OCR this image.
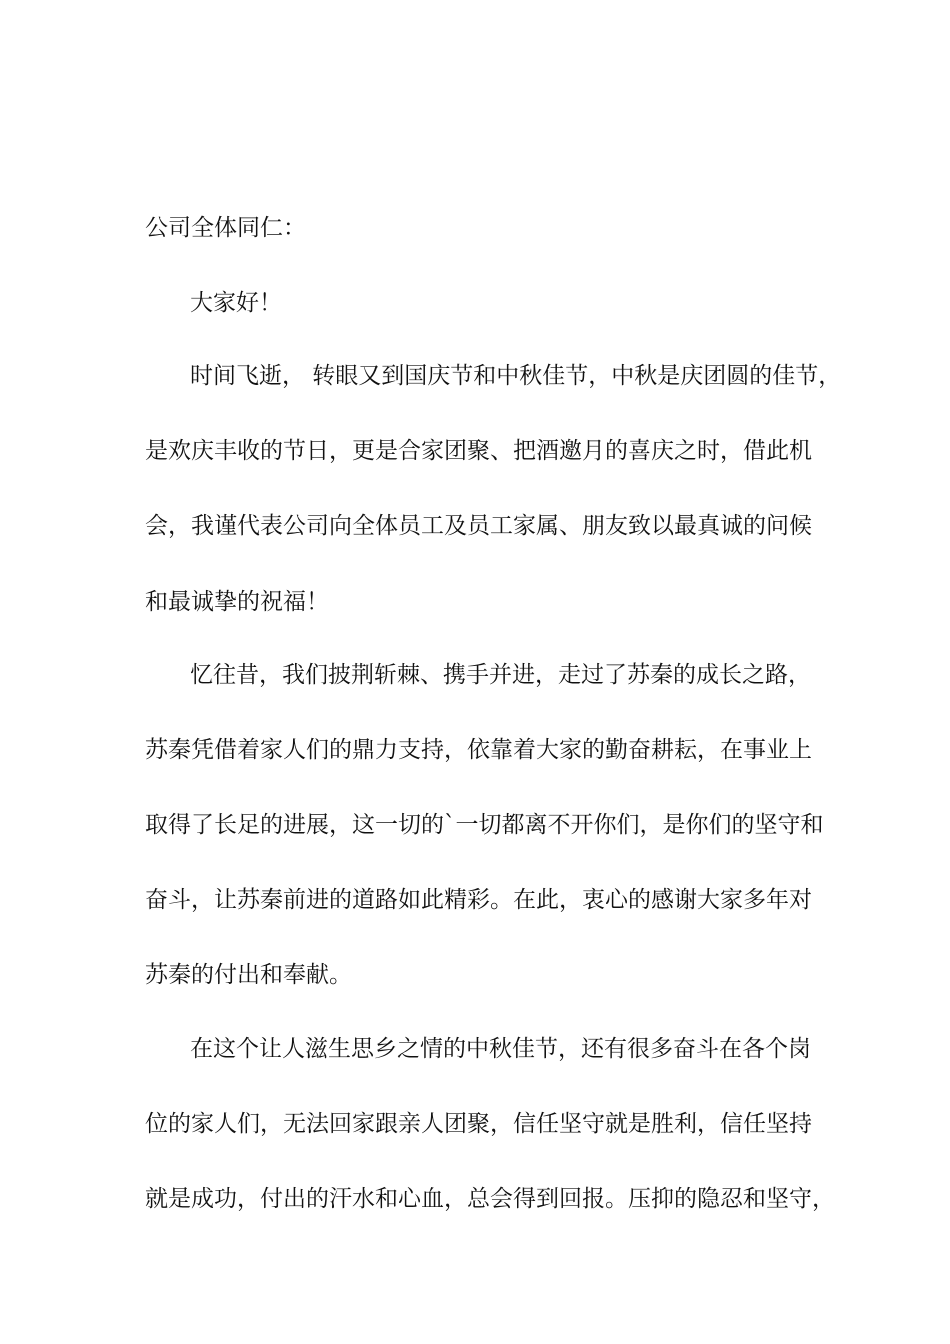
公司全体同仁：
大家好！
时间飞逝， 转眼又到国庆节和中秋佳节，中秋是庆团圆的佳节，
是欢庆丰收的节日，更是合家团聚、把酒邀月的喜庆之时，借此机
会，我谨代表公司向全体员工及员工家属、朋友致以最真诚的问候
和最诚挚的祝福！
忆往昔，我们披荆斩棘、携手并进，走过了苏秦的成长之路，
苏秦凭借着家人们的鼎力支持，依靠着大家的勤奋耕耘，在事业上
取得了长足的进展，这一切的`一切都离不开你们，是你们的坚守和
奋斗，让苏秦前进的道路如此精彩。在此，衷心的感谢大家多年对
苏秦的付出和奉献。
在这个让人滋生思乡之情的中秋佳节，还有很多奋斗在各个岗
位的家人们，无法回家跟亲人团聚，信任坚守就是胜利，信任坚持
就是成功，付出的汗水和心血，总会得到回报。压抑的隐忍和坚守，
